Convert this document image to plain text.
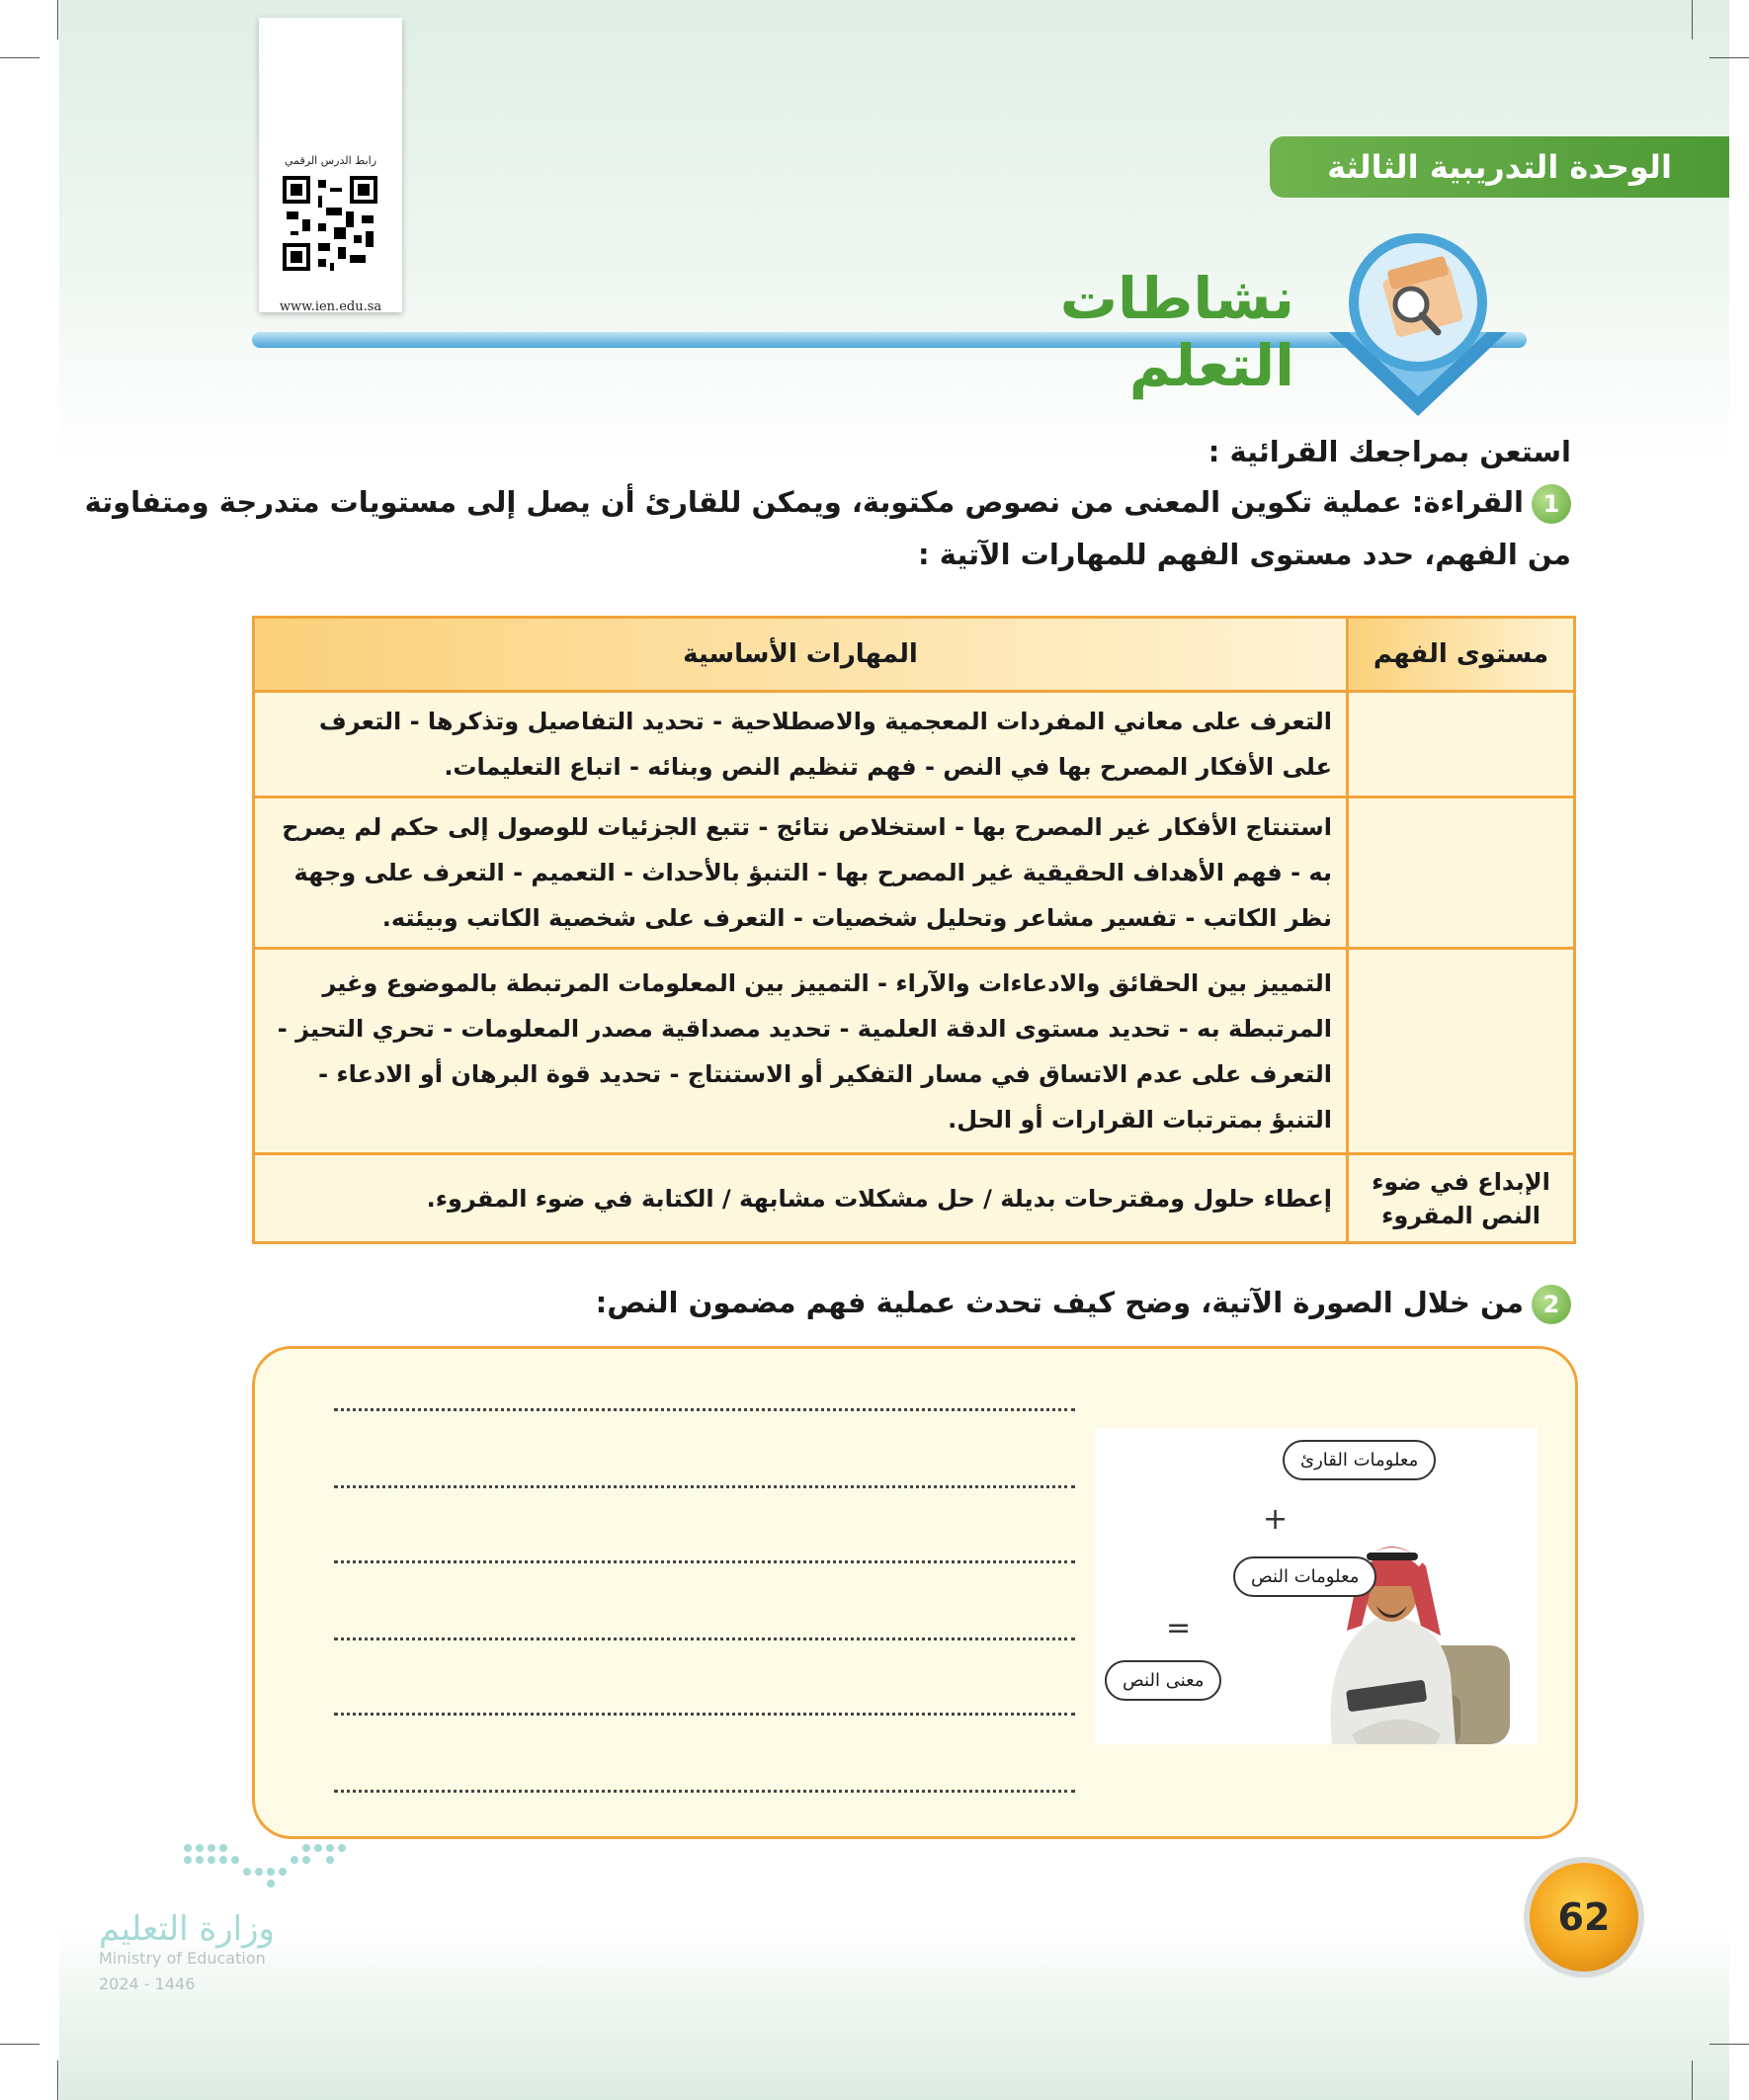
الوحدة التدريبية الثالثة
رابط الدرس الرقمي
www.ien.edu.sa	نشاطات التعلم
استعن بمراجعك القرائية :
1القراءة: عملية تكوين المعنى من نصوص مكتوبة، ويمكن للقارئ أن يصل إلى مستويات متدرجة ومتفاوتة
من الفهم، حدد مستوى الفهم للمهارات الآتية :
مستوى الفهم	المهارات الأساسية
	التعرف على معاني المفردات المعجمية والاصطلاحية - تحديد التفاصيل وتذكرها - التعرف على الأفكار المصرح بها في النص - فهم تنظيم النص وبنائه - اتباع التعليمات.
	استنتاج الأفكار غير المصرح بها - استخلاص نتائج - تتبع الجزئيات للوصول إلى حكم لم يصرح به - فهم الأهداف الحقيقية غير المصرح بها - التنبؤ بالأحداث - التعميم - التعرف على وجهة نظر الكاتب - تفسير مشاعر وتحليل شخصيات - التعرف على شخصية الكاتب وبيئته.
	التمييز بين الحقائق والادعاءات والآراء - التمييز بين المعلومات المرتبطة بالموضوع وغير المرتبطة به - تحديد مستوى الدقة العلمية - تحديد مصداقية مصدر المعلومات - تحري التحيز - التعرف على عدم الاتساق في مسار التفكير أو الاستنتاج - تحديد قوة البرهان أو الادعاء - التنبؤ بمترتبات القرارات أو الحل.
الإبداع في ضوء النص المقروء	إعطاء حلول ومقترحات بديلة / حل مشكلات مشابهة / الكتابة في ضوء المقروء.
2من خلال الصورة الآتية، وضح كيف تحدث عملية فهم مضمون النص:
معلومات القارئ
+
معلومات النص
=
معنى النص
وزارة التعليم
Ministry of Education
2024 - 1446
62
